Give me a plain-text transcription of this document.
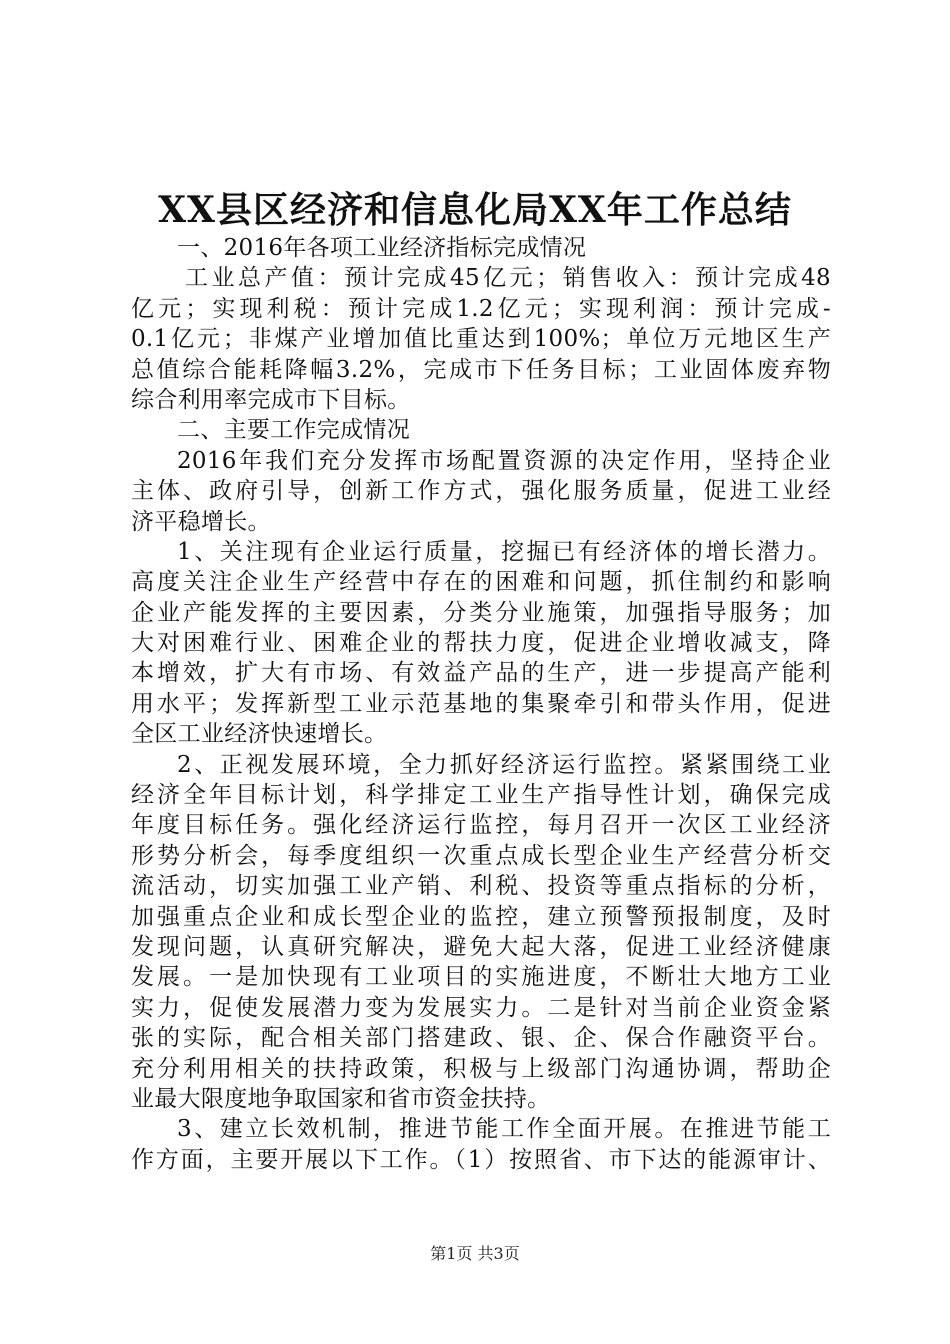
XX县区经济和信息化局XX年工作总结
一、2016年各项工业经济指标完成情况
工业总产值：预计完成45亿元；销售收入：预计完成48
亿元；实现利税：预计完成1.2亿元；实现利润：预计完成-
0.1亿元；非煤产业增加值比重达到100%；单位万元地区生产
总值综合能耗降幅3.2%，完成市下任务目标；工业固体废弃物
综合利用率完成市下目标。
二、主要工作完成情况
2016年我们充分发挥市场配置资源的决定作用，坚持企业
主体、政府引导，创新工作方式，强化服务质量，促进工业经
济平稳增长。
1、关注现有企业运行质量，挖掘已有经济体的增长潜力。
高度关注企业生产经营中存在的困难和问题，抓住制约和影响
企业产能发挥的主要因素，分类分业施策，加强指导服务；加
大对困难行业、困难企业的帮扶力度，促进企业增收减支，降
本增效，扩大有市场、有效益产品的生产，进一步提高产能利
用水平；发挥新型工业示范基地的集聚牵引和带头作用，促进
全区工业经济快速增长。
2、正视发展环境，全力抓好经济运行监控。紧紧围绕工业
经济全年目标计划，科学排定工业生产指导性计划，确保完成
年度目标任务。强化经济运行监控，每月召开一次区工业经济
形势分析会，每季度组织一次重点成长型企业生产经营分析交
流活动，切实加强工业产销、利税、投资等重点指标的分析，
加强重点企业和成长型企业的监控，建立预警预报制度，及时
发现问题，认真研究解决，避免大起大落，促进工业经济健康
发展。一是加快现有工业项目的实施进度，不断壮大地方工业
实力，促使发展潜力变为发展实力。二是针对当前企业资金紧
张的实际，配合相关部门搭建政、银、企、保合作融资平台。
充分利用相关的扶持政策，积极与上级部门沟通协调，帮助企
业最大限度地争取国家和省市资金扶持。
3、建立长效机制，推进节能工作全面开展。在推进节能工
作方面，主要开展以下工作。（1）按照省、市下达的能源审计、
第1页 共3页
